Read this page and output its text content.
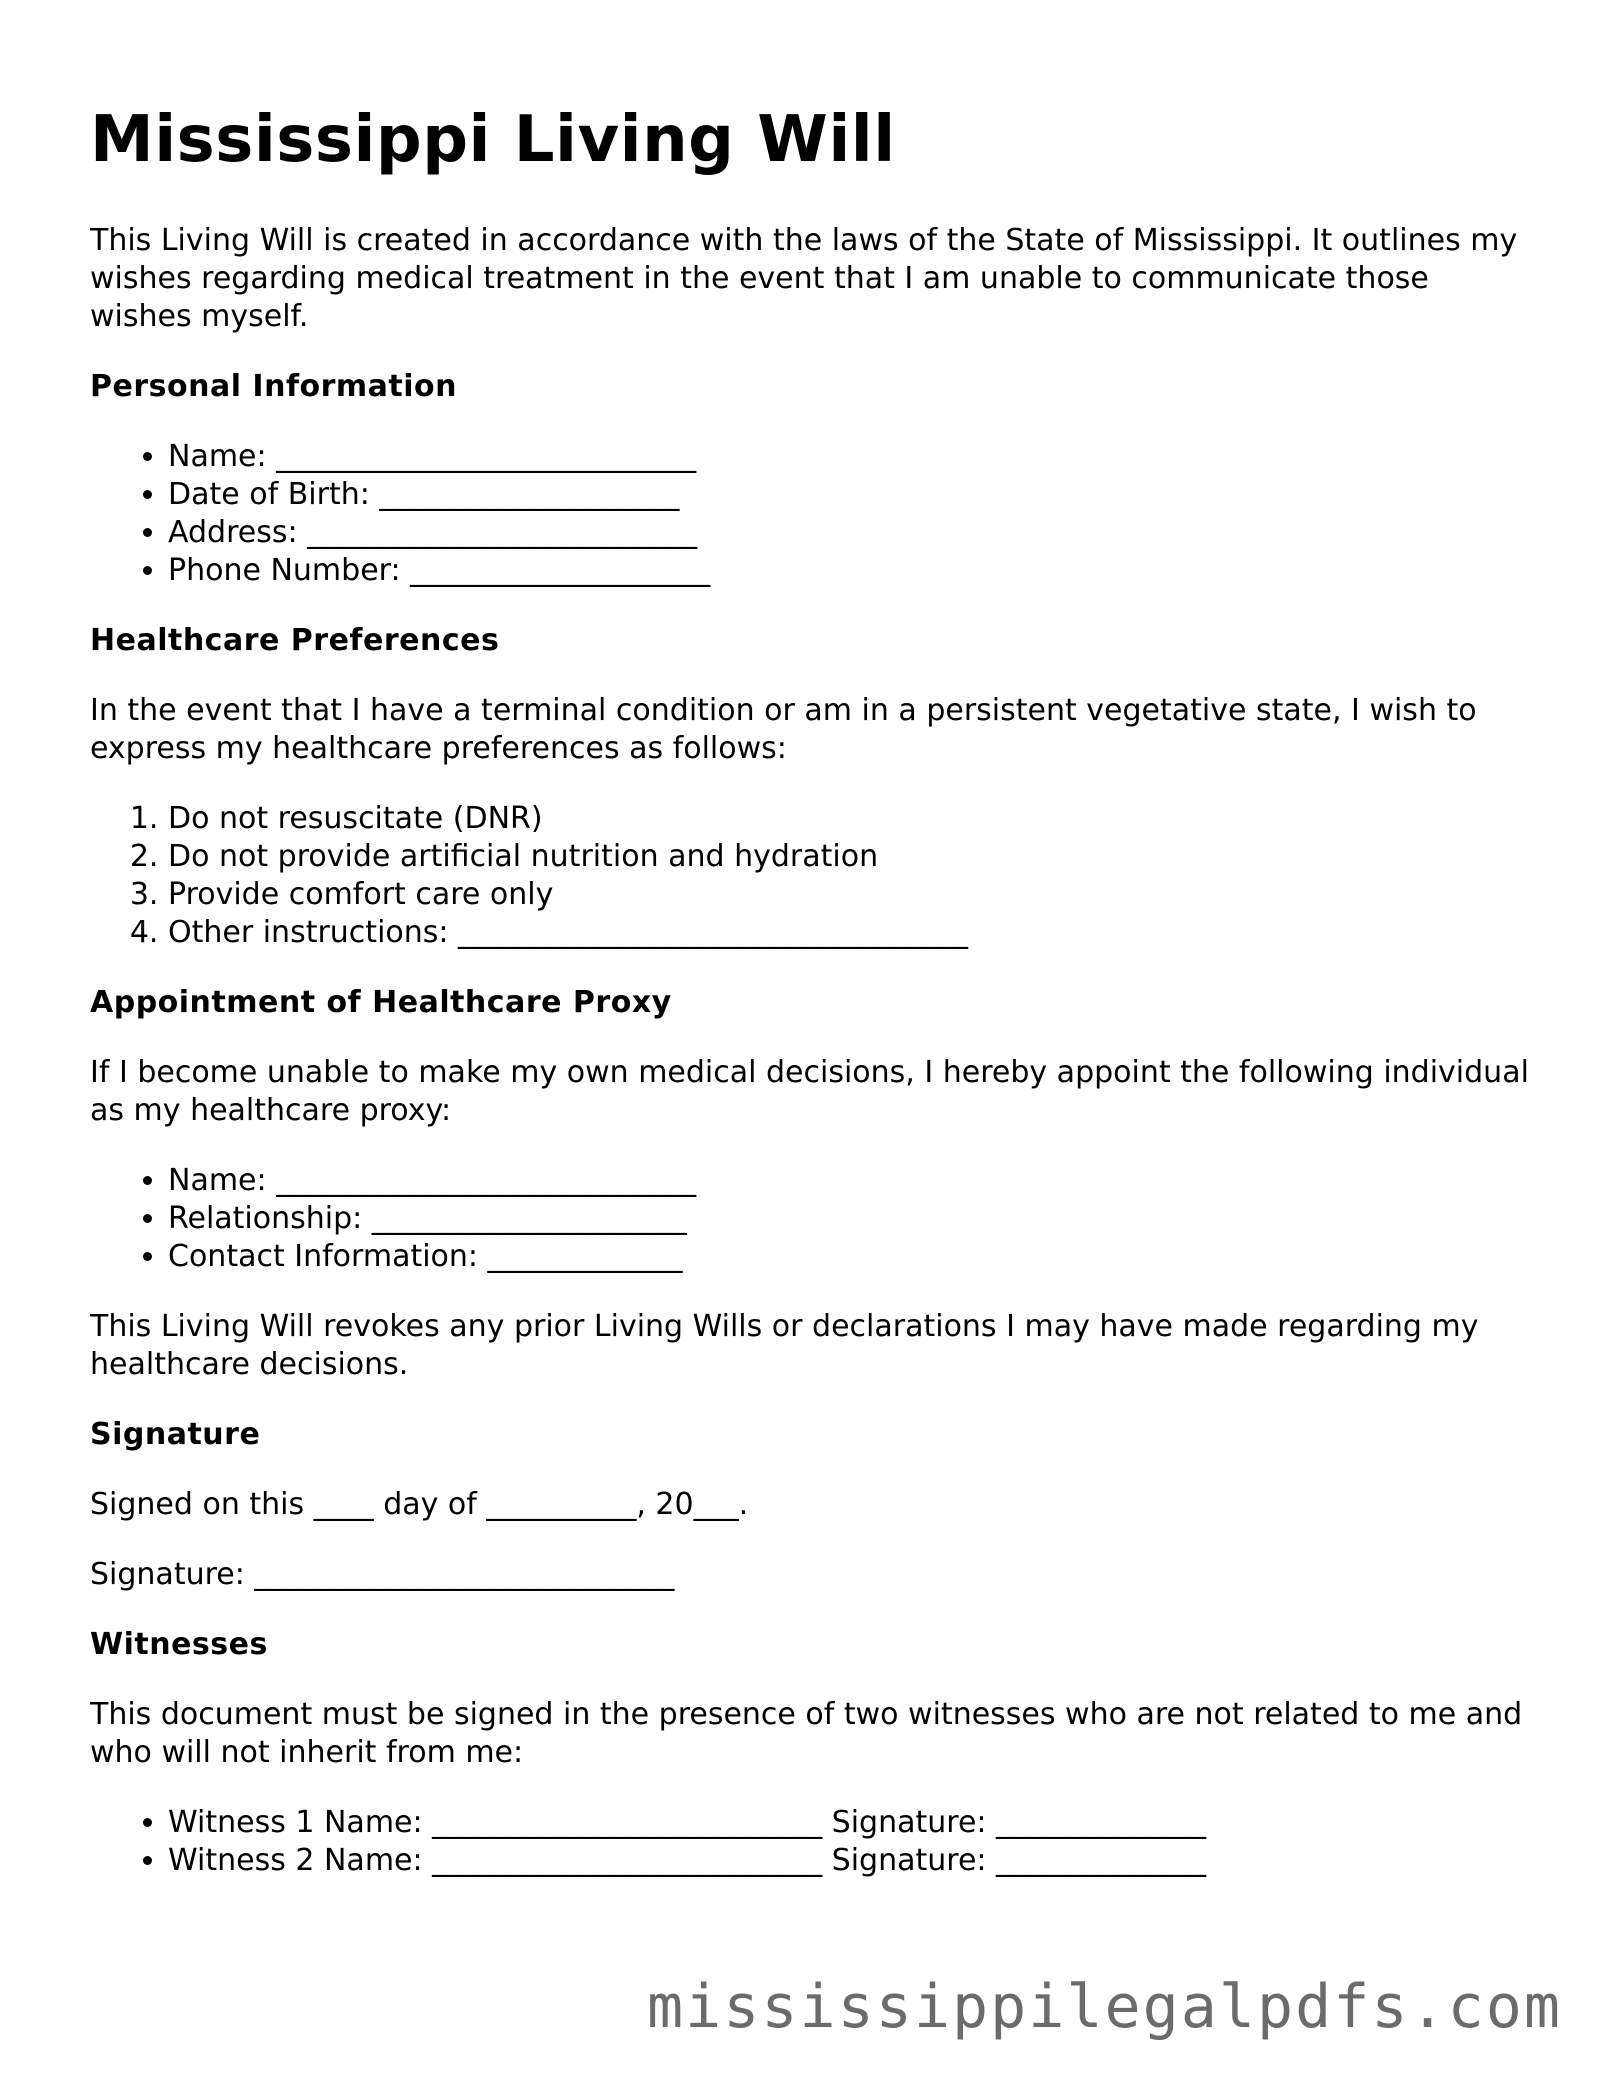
Mississippi Living Will

This Living Will is created in accordance with the laws of the State of Mississippi. It outlines my wishes regarding medical treatment in the event that I am unable to communicate those wishes myself.

Personal Information
• Name: ____________________________
• Date of Birth: ____________________
• Address: __________________________
• Phone Number: ____________________
Healthcare Preferences

In the event that I have a terminal condition or am in a persistent vegetative state, I wish to express my healthcare preferences as follows:

1. Do not resuscitate (DNR)
2. Do not provide artificial nutrition and hydration
3. Provide comfort care only
4. Other instructions: __________________________________
Appointment of Healthcare Proxy

If I become unable to make my own medical decisions, I hereby appoint the following individual as my healthcare proxy:

• Name: ____________________________
• Relationship: _____________________
• Contact Information: _____________

This Living Will revokes any prior Living Wills or declarations I may have made regarding my healthcare decisions.

Signature

Signed on this ____ day of __________, 20___.

Signature: ____________________________

Witnesses

This document must be signed in the presence of two witnesses who are not related to me and who will not inherit from me:

• Witness 1 Name: __________________________ Signature: ______________
• Witness 2 Name: __________________________ Signature: ______________
mississippilegalpdfs.com
